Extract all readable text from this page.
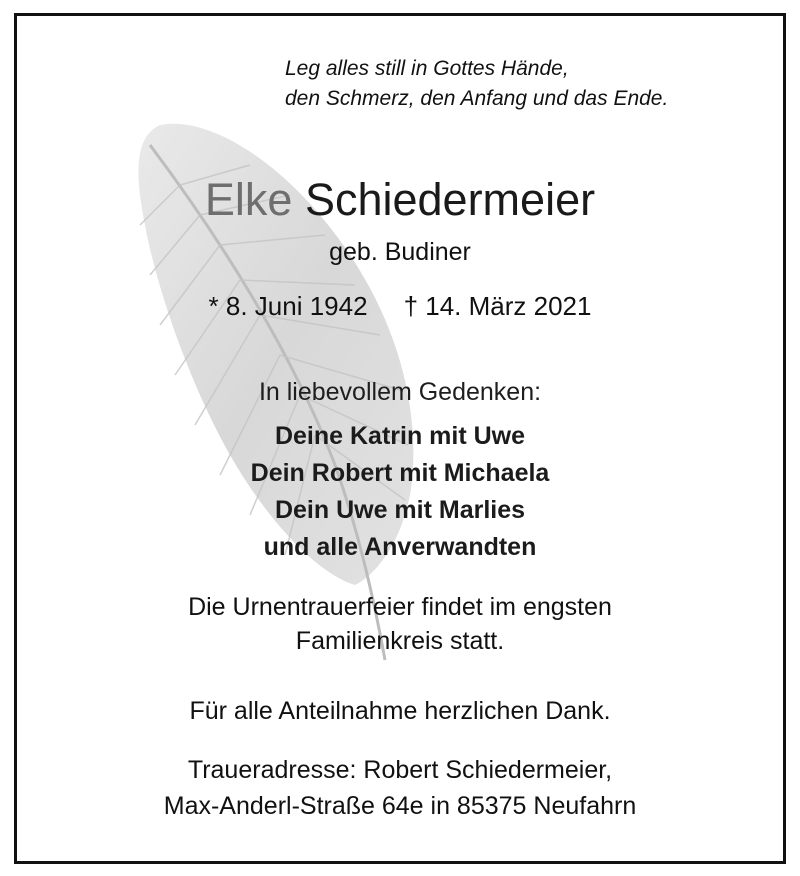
Leg alles still in Gottes Hände,
den Schmerz, den Anfang und das Ende.
Elke Schiedermeier
geb. Budiner
* 8. Juni 1942 † 14. März 2021
In liebevollem Gedenken:
Deine Katrin mit Uwe
Dein Robert mit Michaela
Dein Uwe mit Marlies
und alle Anverwandten
Die Urnentrauerfeier findet im engsten
Familienkreis statt.
Für alle Anteilnahme herzlichen Dank.
Traueradresse: Robert Schiedermeier,
Max-Anderl-Straße 64e in 85375 Neufahrn
